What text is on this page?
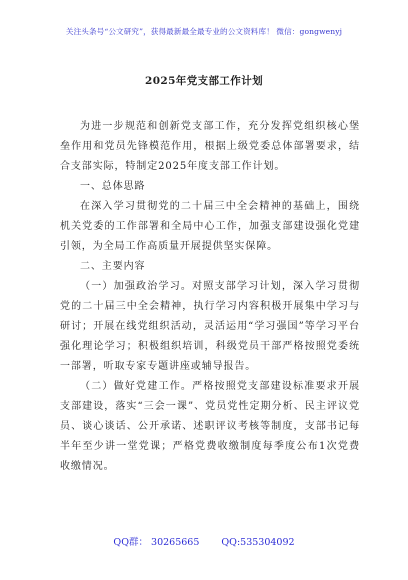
关注头条号“公文研究”，获得最新最全最专业的公文资料库！ 微信：gongwenyj
2025年党支部工作计划

为进一步规范和创新党支部工作，充分发挥党组织核心堡垒作用和党员先锋模范作用，根据上级党委总体部署要求，结合支部实际，特制定2025年度支部工作计划。

一、总体思路

在深入学习贯彻党的二十届三中全会精神的基础上，围绕机关党委的工作部署和全局中心工作，加强支部建设强化党建引领，为全局工作高质量开展提供坚实保障。

二、主要内容

（一）加强政治学习。对照支部学习计划，深入学习贯彻党的二十届三中全会精神，执行学习内容积极开展集中学习与研讨；开展在线党组织活动，灵活运用“学习强国”等学习平台强化理论学习；积极组织培训，科级党员干部严格按照党委统一部署，听取专家专题讲座或辅导报告。

（二）做好党建工作。严格按照党支部建设标准要求开展支部建设，落实“三会一课”、党员党性定期分析、民主评议党员、谈心谈话、公开承诺、述职评议考核等制度，支部书记每半年至少讲一堂党课；严格党费收缴制度每季度公布1次党费收缴情况。

QQ群： 30265665 QQ:535304092
